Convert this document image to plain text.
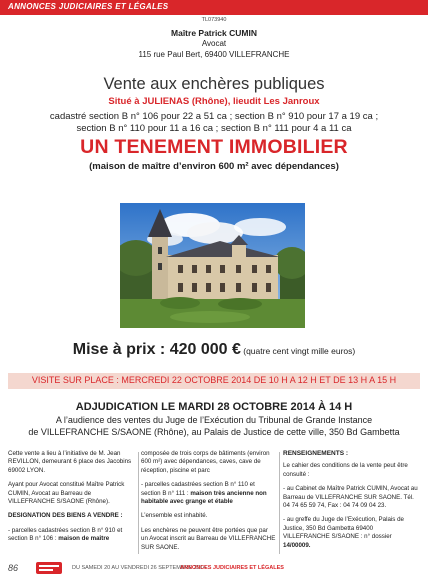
ANNONCES JUDICIAIRES ET LÉGALES
TL073940
Maître Patrick CUMIN
Avocat
115 rue Paul Bert, 69400 VILLEFRANCHE
Vente aux enchères publiques
Situé à JULIENAS (Rhône), lieudit Les Janroux
cadastré section B n° 106 pour 22 a 51 ca ; section B n° 910 pour 17 a 19 ca ;
section B n° 110 pour 11 a 16 ca ; section B n° 111 pour 4 a 11 ca
UN TENEMENT IMMOBILIER
(maison de maître d’environ 600 m² avec dépendances)
Mise à prix : 420 000 € (quatre cent vingt mille euros)
VISITE SUR PLACE : MERCREDI 22 OCTOBRE 2014 DE 10 H A 12 H ET DE 13 H A 15 H
ADJUDICATION LE MARDI 28 OCTOBRE 2014 À 14 H
A l’audience des ventes du Juge de l’Exécution du Tribunal de Grande Instance
de VILLEFRANCHE S/SAONE (Rhône), au Palais de Justice de cette ville, 350 Bd Gambetta

Cette vente a lieu à l’initiative de M. Jean REVILLON, demeurant 6 place des Jacobins 69002 LYON.

Ayant pour Avocat constitué Maître Patrick CUMIN, Avocat au Barreau de VILLEFRANCHE S/SAONE (Rhône).

DESIGNATION DES BIENS A VENDRE :

- parcelles cadastrées section B n° 910 et section B n° 106 : maison de maître

composée de trois corps de bâtiments (environ 600 m²) avec dépendances, caves, cave de réception, piscine et parc

- parcelles cadastrées section B n° 110 et section B n° 111 : maison très ancienne non habitable avec grange et étable

L’ensemble est inhabité.

Les enchères ne peuvent être portées que par un Avocat inscrit au Barreau de VILLEFRANCHE SUR SAONE.

RENSEIGNEMENTS :

Le cahier des conditions de la vente peut être consulté :

- au Cabinet de Maître Patrick CUMIN, Avocat au Barreau de VILLEFRANCHE SUR SAONE. Tél. 04 74 65 59 74, Fax : 04 74 09 04 23.

- au greffe du Juge de l’Exécution, Palais de Justice, 350 Bd Gambetta 69400 VILLEFRANCHE S/SAONE : n° dossier 14/00009.

86	DU SAMEDI 20 AU VENDREDI 26 SEPTEMBRE 2014
ANNONCES JUDICIAIRES ET LÉGALES
